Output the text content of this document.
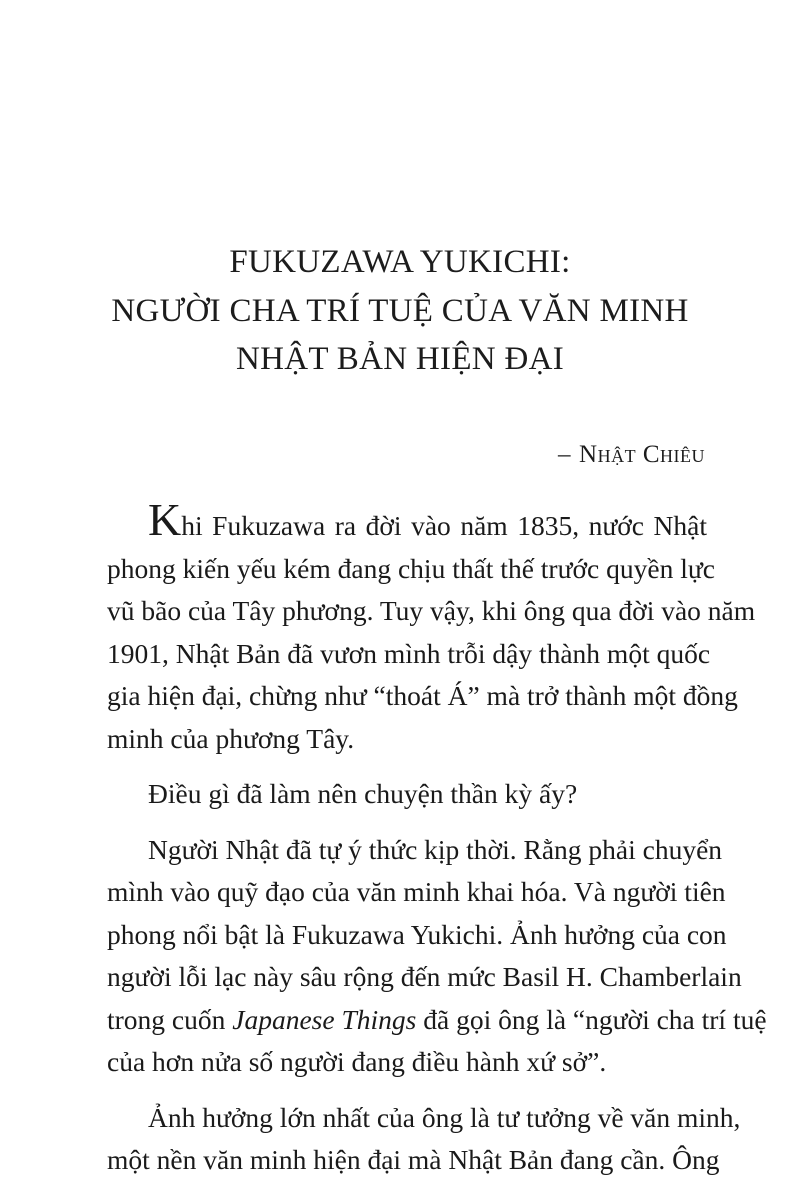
FUKUZAWA YUKICHI:
NGƯỜI CHA TRÍ TUỆ CỦA VĂN MINH
NHẬT BẢN HIỆN ĐẠI
– Nhật Chiêu

Khi Fukuzawa ra đời vào năm 1835, nước Nhật
phong kiến yếu kém đang chịu thất thế trước quyền lực
vũ bão của Tây phương. Tuy vậy, khi ông qua đời vào năm
1901, Nhật Bản đã vươn mình trỗi dậy thành một quốc
gia hiện đại, chừng như “thoát Á” mà trở thành một đồng
minh của phương Tây.

Điều gì đã làm nên chuyện thần kỳ ấy?

Người Nhật đã tự ý thức kịp thời. Rằng phải chuyển
mình vào quỹ đạo của văn minh khai hóa. Và người tiên
phong nổi bật là Fukuzawa Yukichi. Ảnh hưởng của con
người lỗi lạc này sâu rộng đến mức Basil H. Chamberlain
trong cuốn Japanese Things đã gọi ông là “người cha trí tuệ
của hơn nửa số người đang điều hành xứ sở”.

Ảnh hưởng lớn nhất của ông là tư tưởng về văn minh,
một nền văn minh hiện đại mà Nhật Bản đang cần. Ông
